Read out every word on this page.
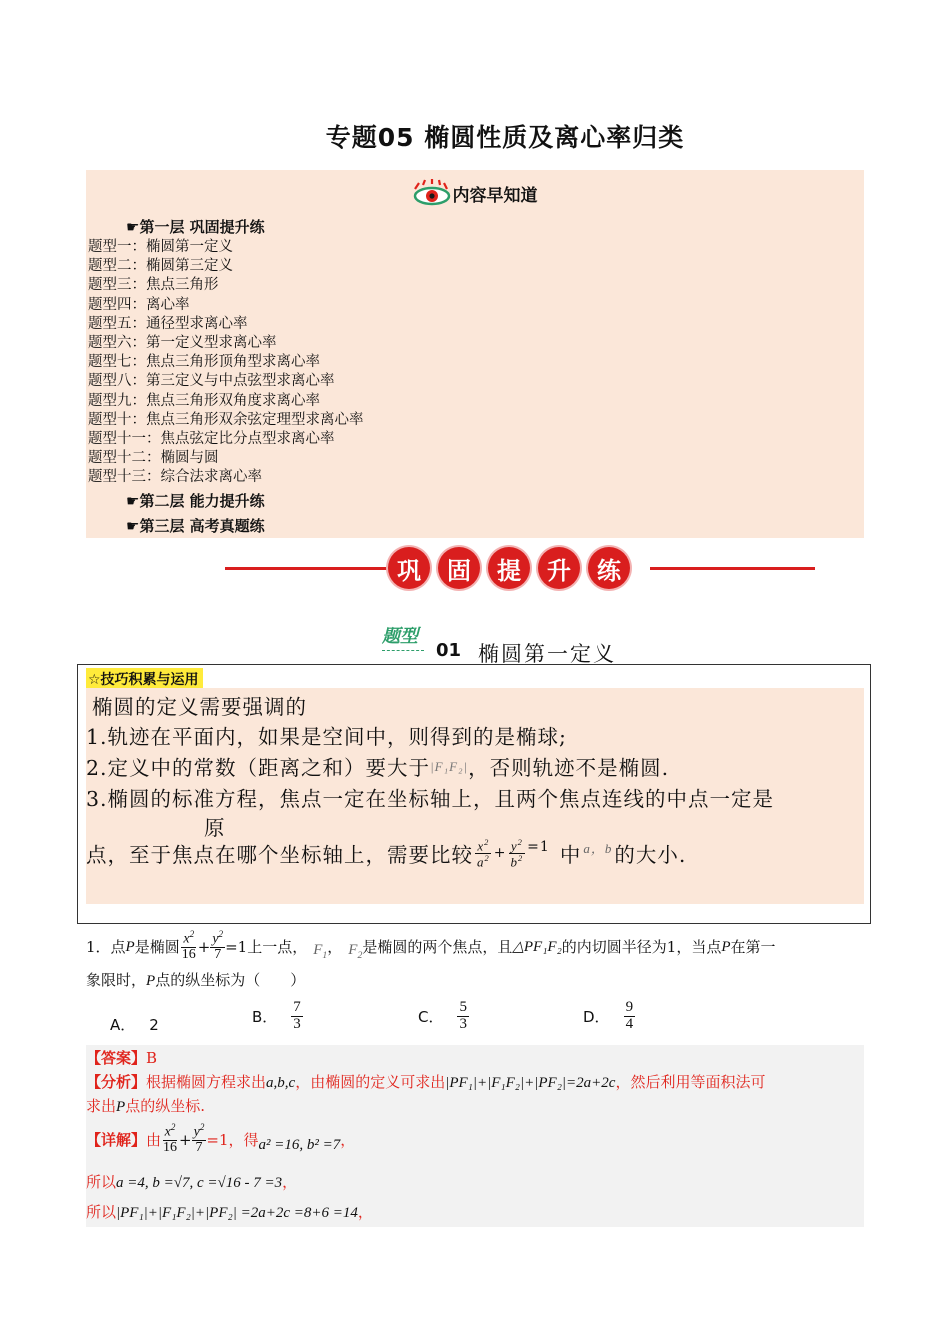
专题05 椭圆性质及离心率归类
内容早知道
☛第一层 巩固提升练
题型一：椭圆第一定义
题型二：椭圆第三定义
题型三：焦点三角形
题型四：离心率
题型五：通径型求离心率
题型六：第一定义型求离心率
题型七：焦点三角形顶角型求离心率
题型八：第三定义与中点弦型求离心率
题型九：焦点三角形双角度求离心率
题型十：焦点三角形双余弦定理型求离心率
题型十一：焦点弦定比分点型求离心率
题型十二：椭圆与圆
题型十三：综合法求离心率
☛第二层 能力提升练
☛第三层 高考真题练
巩	固	提	升	练
题型
01 椭圆第一定义
☆技巧积累与运用
椭圆的定义需要强调的
1.轨迹在平面内，如果是空间中，则得到的是椭球;
2.定义中的常数（距离之和）要大于|F₁F₂|，否则轨迹不是椭圆.
3.椭圆的标准方程，焦点一定在坐标轴上，且两个焦点连线的中点一定是
原
点，至于焦点在哪个坐标轴上，需要比较 $\frac{x^2}{a^2} + \frac{y^2}{b^2} =1$ 中 a，b 的大小.
1．点 P 是椭圆 $\frac{x^2}{16} + \frac{y^2}{7} =1$ 上一点， $F_1$ ， $F_2$ 是椭圆的两个焦点，且 △PF₁F₂ 的内切圆半径为1，当点 P 在第一
象限时，P点的纵坐标为（　　）
A． 2	B． $\frac{7}{3}$	C． $\frac{5}{3}$	D． $\frac{9}{4}$
【答案】B
【分析】根据椭圆方程求出a,b,c，由椭圆的定义可求出|PF₁|+|F₁F₂|+|PF₂|=2a+2c，然后利用等面积法可
求出P点的纵坐标.
【详解】 由 $\frac{x^2}{16} + \frac{y^2}{7} =1$，得 a² =16, b² =7 ，
所以a =4, b =√7, c =√16 - 7 =3，
所以|PF₁|+|F₁F₂|+|PF₂| =2a+2c =8+6 =14，
